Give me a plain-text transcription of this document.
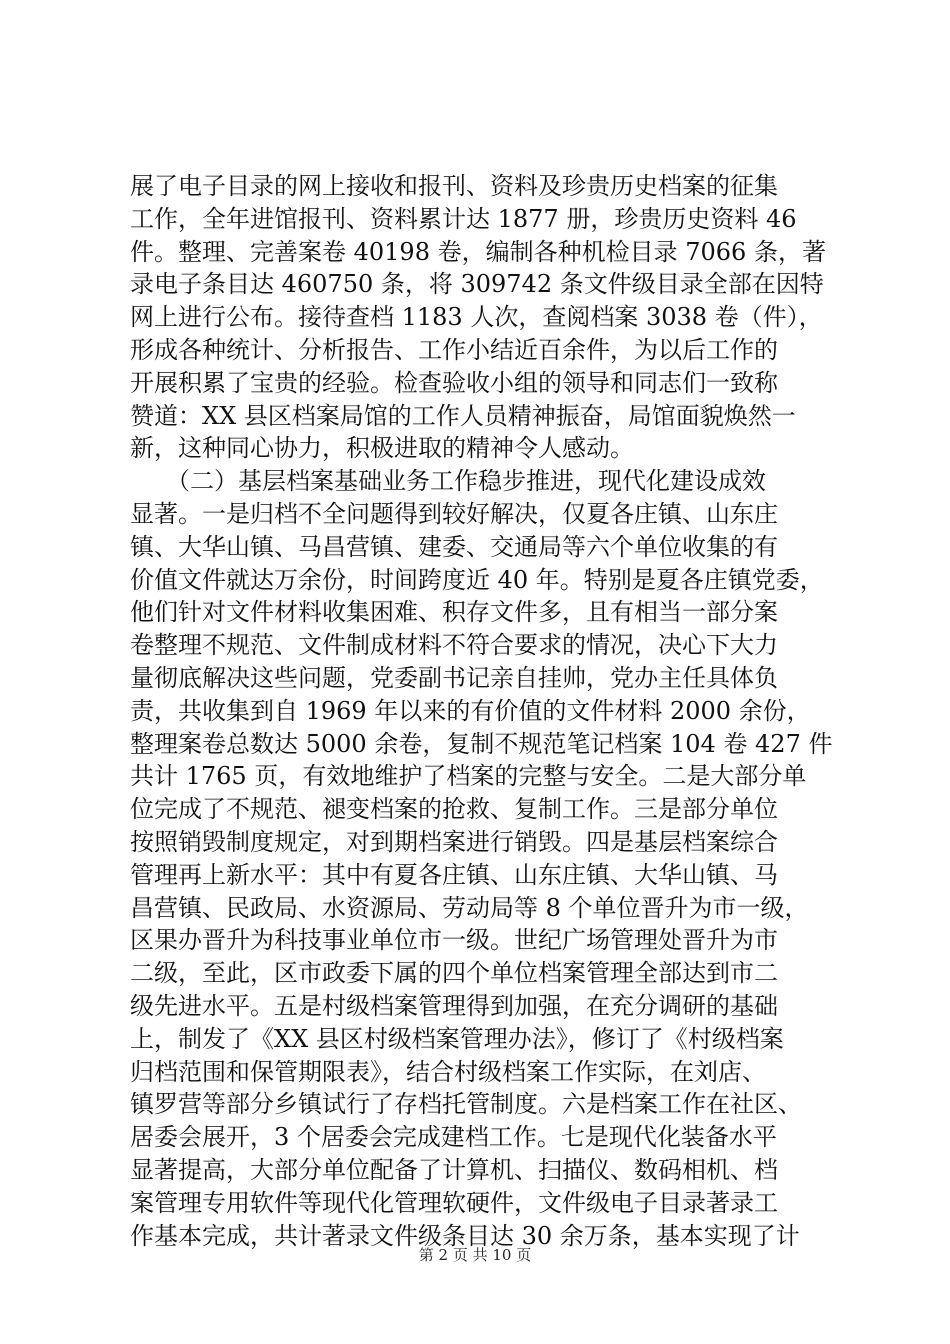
展了电子目录的网上接收和报刊、资料及珍贵历史档案的征集
工作，全年进馆报刊、资料累计达 1877 册，珍贵历史资料 46
件。整理、完善案卷 40198 卷，编制各种机检目录 7066 条，著
录电子条目达 460750 条，将 309742 条文件级目录全部在因特
网上进行公布。接待查档 1183 人次，查阅档案 3038 卷（件），
形成各种统计、分析报告、工作小结近百余件，为以后工作的
开展积累了宝贵的经验。检查验收小组的领导和同志们一致称
赞道：XX 县区档案局馆的工作人员精神振奋，局馆面貌焕然一
新，这种同心协力，积极进取的精神令人感动。
　　（二）基层档案基础业务工作稳步推进，现代化建设成效
显著。一是归档不全问题得到较好解决，仅夏各庄镇、山东庄
镇、大华山镇、马昌营镇、建委、交通局等六个单位收集的有
价值文件就达万余份，时间跨度近 40 年。特别是夏各庄镇党委，
他们针对文件材料收集困难、积存文件多，且有相当一部分案
卷整理不规范、文件制成材料不符合要求的情况，决心下大力
量彻底解决这些问题，党委副书记亲自挂帅，党办主任具体负
责，共收集到自 1969 年以来的有价值的文件材料 2000 余份，
整理案卷总数达 5000 余卷，复制不规范笔记档案 104 卷 427 件
共计 1765 页，有效地维护了档案的完整与安全。二是大部分单
位完成了不规范、褪变档案的抢救、复制工作。三是部分单位
按照销毁制度规定，对到期档案进行销毁。四是基层档案综合
管理再上新水平：其中有夏各庄镇、山东庄镇、大华山镇、马
昌营镇、民政局、水资源局、劳动局等 8 个单位晋升为市一级，
区果办晋升为科技事业单位市一级。世纪广场管理处晋升为市
二级，至此，区市政委下属的四个单位档案管理全部达到市二
级先进水平。五是村级档案管理得到加强，在充分调研的基础
上，制发了《XX 县区村级档案管理办法》，修订了《村级档案
归档范围和保管期限表》，结合村级档案工作实际，在刘店、
镇罗营等部分乡镇试行了存档托管制度。六是档案工作在社区、
居委会展开，3 个居委会完成建档工作。七是现代化装备水平
显著提高，大部分单位配备了计算机、扫描仪、数码相机、档
案管理专用软件等现代化管理软硬件，文件级电子目录著录工
作基本完成，共计著录文件级条目达 30 余万条，基本实现了计
第 2 页 共 10 页
